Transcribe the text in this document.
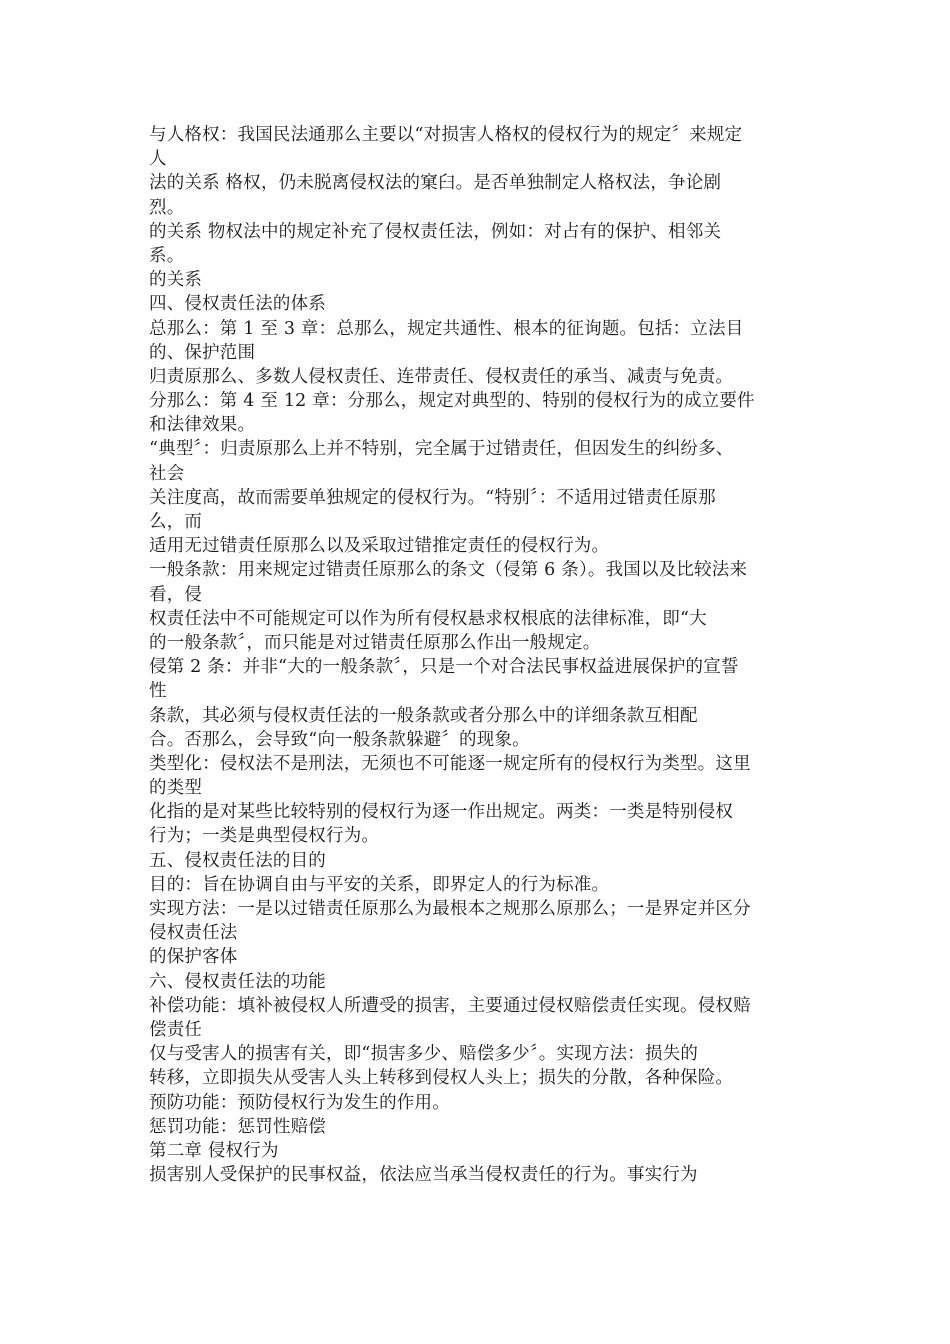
与人格权：我国民法通那么主要以“对损害人格权的侵权行为的规定〞来规定
人
法的关系 格权，仍未脱离侵权法的窠臼。是否单独制定人格权法，争论剧
烈。
的关系 物权法中的规定补充了侵权责任法，例如：对占有的保护、相邻关
系。
的关系
四、侵权责任法的体系
总那么：第 1 至 3 章：总那么，规定共通性、根本的征询题。包括：立法目
的、保护范围
归责原那么、多数人侵权责任、连带责任、侵权责任的承当、减责与免责。
分那么：第 4 至 12 章：分那么，规定对典型的、特别的侵权行为的成立要件
和法律效果。
“典型〞：归责原那么上并不特别，完全属于过错责任，但因发生的纠纷多、
社会
关注度高，故而需要单独规定的侵权行为。“特别〞：不适用过错责任原那
么，而
适用无过错责任原那么以及采取过错推定责任的侵权行为。
一般条款：用来规定过错责任原那么的条文（侵第 6 条）。我国以及比较法来
看，侵
权责任法中不可能规定可以作为所有侵权悬求权根底的法律标准，即“大
的一般条款〞，而只能是对过错责任原那么作出一般规定。
侵第 2 条：并非“大的一般条款〞，只是一个对合法民事权益进展保护的宣誓
性
条款，其必须与侵权责任法的一般条款或者分那么中的详细条款互相配
合。否那么，会导致“向一般条款躲避〞的现象。
类型化：侵权法不是刑法，无须也不可能逐一规定所有的侵权行为类型。这里
的类型
化指的是对某些比较特别的侵权行为逐一作出规定。两类：一类是特别侵权
行为；一类是典型侵权行为。
五、侵权责任法的目的
目的：旨在协调自由与平安的关系，即界定人的行为标准。
实现方法：一是以过错责任原那么为最根本之规那么原那么；一是界定并区分
侵权责任法
的保护客体
六、侵权责任法的功能
补偿功能：填补被侵权人所遭受的损害，主要通过侵权赔偿责任实现。侵权赔
偿责任
仅与受害人的损害有关，即“损害多少、赔偿多少〞。实现方法：损失的
转移，立即损失从受害人头上转移到侵权人头上；损失的分散，各种保险。
预防功能：预防侵权行为发生的作用。
惩罚功能：惩罚性赔偿
第二章 侵权行为
损害别人受保护的民事权益，依法应当承当侵权责任的行为。事实行为
